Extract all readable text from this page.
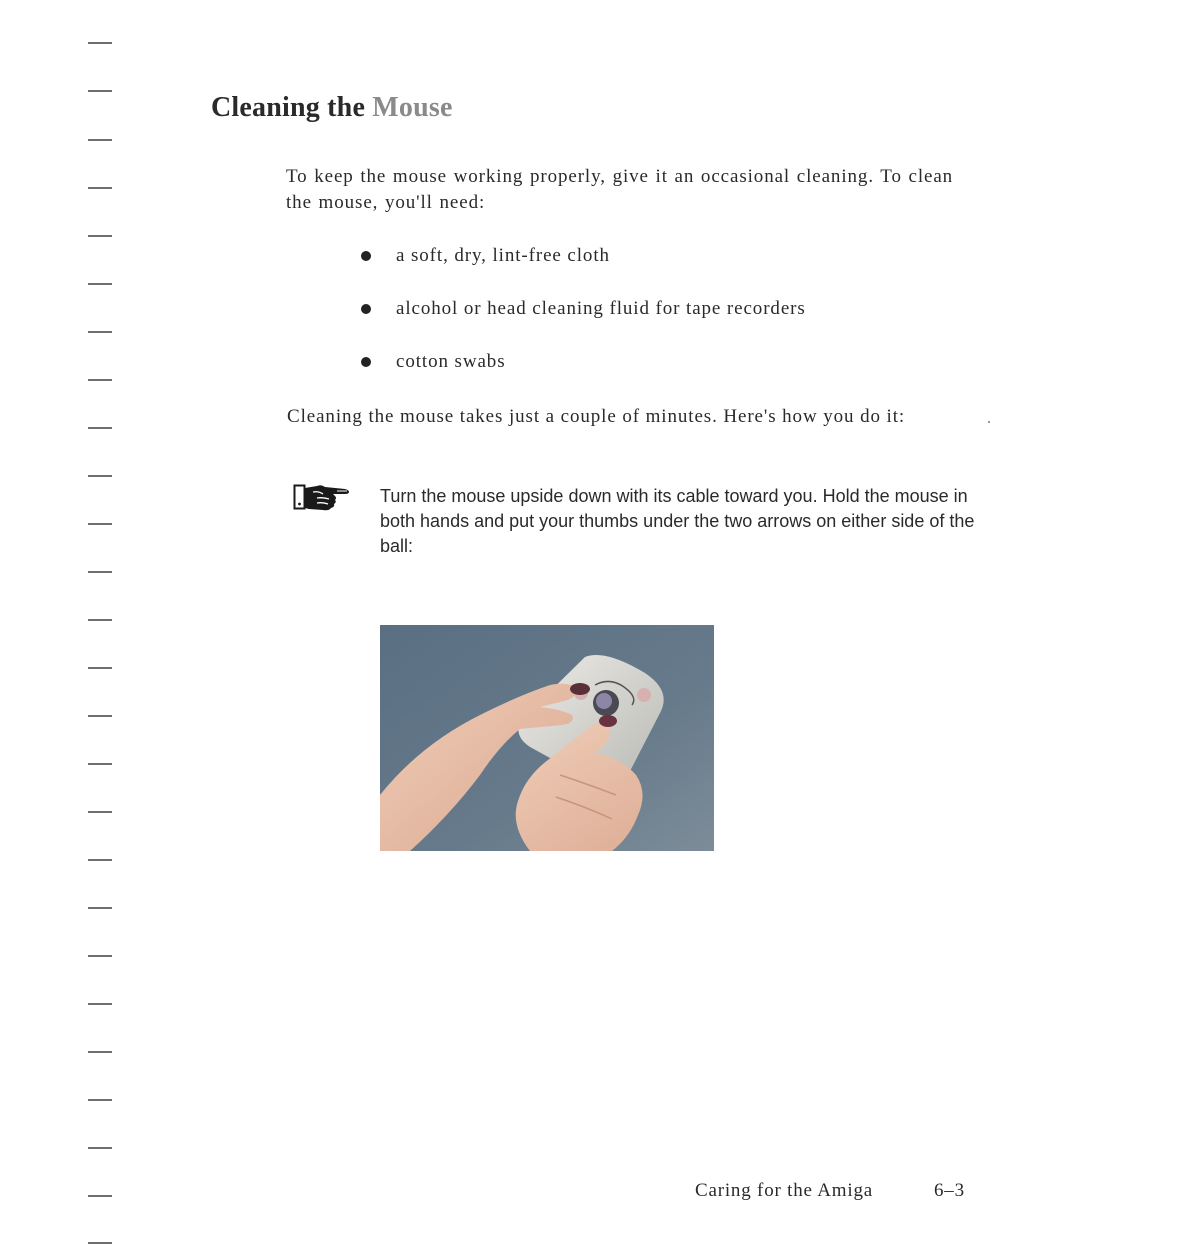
Cleaning the Mouse

To keep the mouse working properly, give it an occasional cleaning. To clean the mouse, you'll need:

a soft, dry, lint-free cloth
alcohol or head cleaning fluid for tape recorders
cotton swabs

Cleaning the mouse takes just a couple of minutes. Here's how you do it:

Turn the mouse upside down with its cable toward you. Hold the mouse in both hands and put your thumbs under the two arrows on either side of the ball:

Caring for the Amiga	6–3
